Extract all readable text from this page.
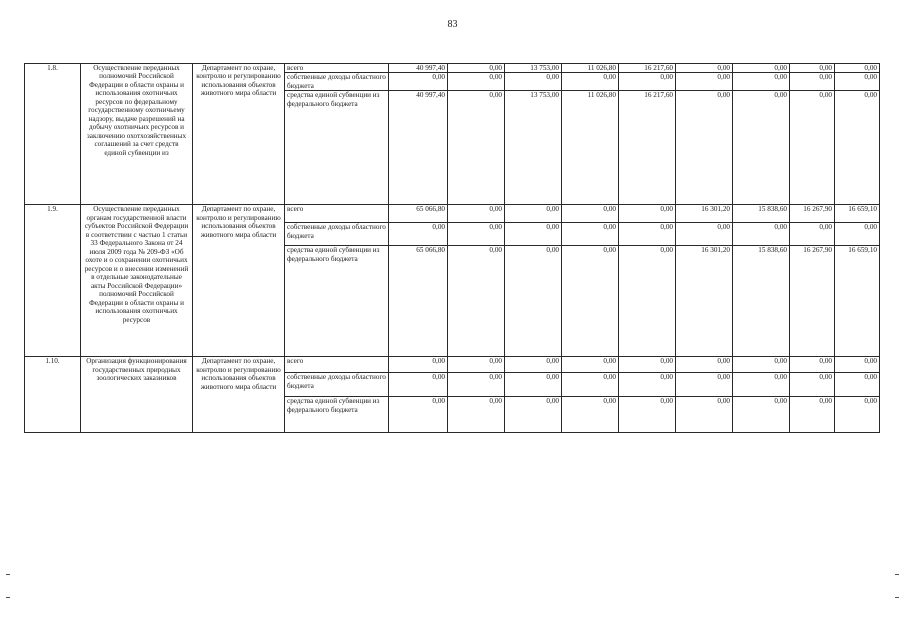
83
1.8.	Осуществление переданных полномочий Российской Федерации в области охраны и использования охотничьих ресурсов по федеральному государственному охотничьему надзору, выдаче разрешений на добычу охотничьих ресурсов и заключению охотхозяйственных соглашений за счет средств единой субвенции из	Департамент по охране, контролю и регулированию использования объектов животного мира области	всего	40 997,40	0,00	13 753,00	11 026,80	16 217,60	0,00	0,00	0,00	0,00
			собственные доходы областного бюджета	0,00	0,00	0,00	0,00	0,00	0,00	0,00	0,00	0,00
			средства единой субвенции из федерального бюджета	40 997,40	0,00	13 753,00	11 026,80	16 217,60	0,00	0,00	0,00	0,00
1.9.	Осуществление переданных органам государственной власти субъектов Российской Федерации в соответствии с частью 1 статьи 33 Федерального Закона от 24 июля 2009 года № 209-ФЗ «Об охоте и о сохранении охотничьих ресурсов и о внесении изменений в отдельные законодательные акты Российской Федерации» полномочий Российской Федерации в области охраны и использования охотничьих ресурсов	Департамент по охране, контролю и регулированию использования объектов животного мира области	всего	65 066,80	0,00	0,00	0,00	0,00	16 301,20	15 838,60	16 267,90	16 659,10
			собственные доходы областного бюджета	0,00	0,00	0,00	0,00	0,00	0,00	0,00	0,00	0,00
			средства единой субвенции из федерального бюджета	65 066,80	0,00	0,00	0,00	0,00	16 301,20	15 838,60	16 267,90	16 659,10
1.10.	Организация функционирования государственных природных зоологических заказников	Департамент по охране, контролю и регулированию использования объектов животного мира области	всего	0,00	0,00	0,00	0,00	0,00	0,00	0,00	0,00	0,00
			собственные доходы областного бюджета	0,00	0,00	0,00	0,00	0,00	0,00	0,00	0,00	0,00
			средства единой субвенции из федерального бюджета	0,00	0,00	0,00	0,00	0,00	0,00	0,00	0,00	0,00
